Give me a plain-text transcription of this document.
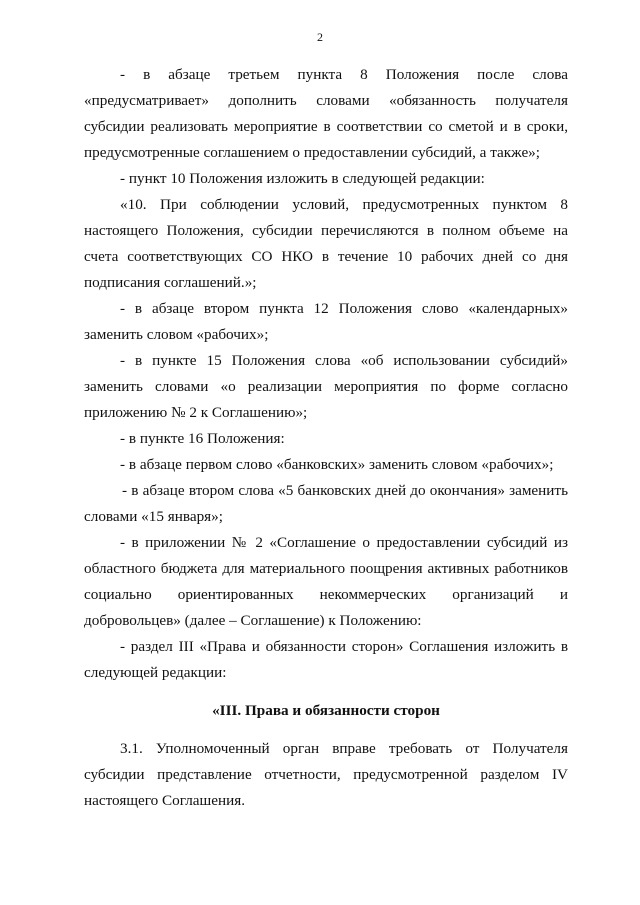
2

- в абзаце третьем пункта 8 Положения после слова «предусматривает» дополнить словами «обязанность получателя субсидии реализовать мероприятие в соответствии со сметой и в сроки, предусмотренные соглашением о предоставлении субсидий, а также»;

- пункт 10 Положения изложить в следующей редакции:

«10. При соблюдении условий, предусмотренных пунктом 8 настоящего Положения, субсидии перечисляются в полном объеме на счета соответствующих СО НКО в течение 10 рабочих дней со дня подписания соглашений.»;

- в абзаце втором пункта 12 Положения слово «календарных» заменить словом «рабочих»;

- в пункте 15 Положения слова «об использовании субсидий» заменить словами «о реализации мероприятия по форме согласно приложению № 2 к Соглашению»;

- в пункте 16 Положения:

- в абзаце первом слово «банковских» заменить словом «рабочих»;

- в абзаце втором слова «5 банковских дней до окончания» заменить словами «15 января»;

- в приложении № 2 «Соглашение о предоставлении субсидий из областного бюджета для материального поощрения активных работников социально ориентированных некоммерческих организаций и добровольцев» (далее – Соглашение) к Положению:

- раздел III «Права и обязанности сторон» Соглашения изложить в следующей редакции:

«III. Права и обязанности сторон

3.1. Уполномоченный орган вправе требовать от Получателя субсидии представление отчетности, предусмотренной разделом IV настоящего Соглашения.
